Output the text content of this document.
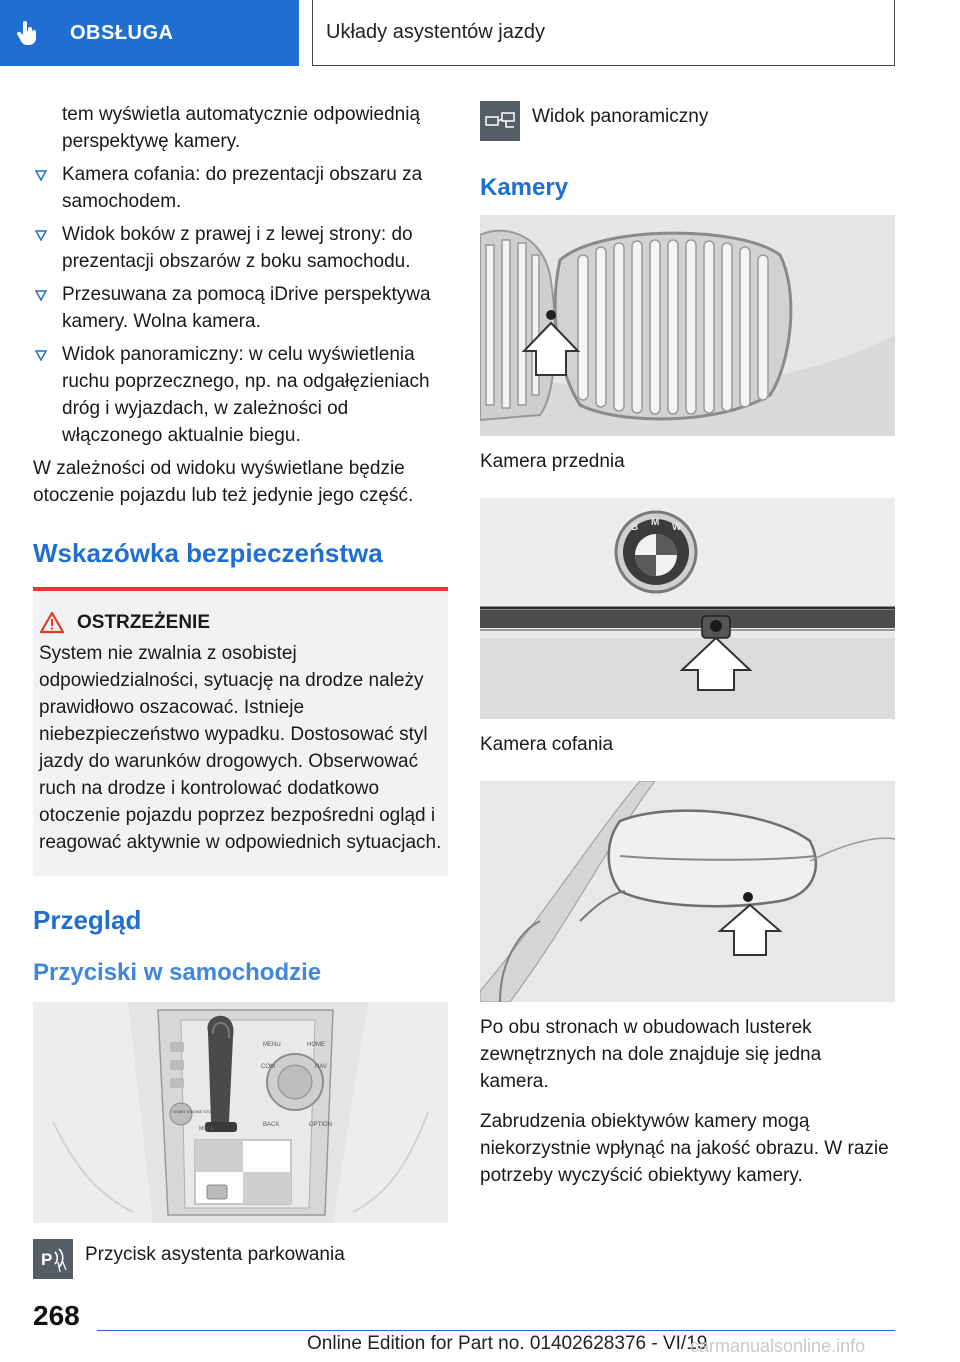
OBSŁUGA	Układy asystentów jazdy

tem wyświetla automatycznie odpowiednią perspektywę kamery.

Kamera cofania: do prezentacji obszaru za samochodem.
Widok boków z prawej i z lewej strony: do prezentacji obszarów z boku samochodu.
Przesuwana za pomocą iDrive perspektywa kamery. Wolna kamera.
Widok panoramiczny: w celu wyświetlenia ruchu poprzecznego, np. na odgałęzieniach dróg i wyjazdach, w zależności od włączonego aktualnie biegu.

W zależności od widoku wyświetlane będzie otoczenie pojazdu lub też jedynie jego część.

Wskazówka bezpieczeństwa
OSTRZEŻENIE

System nie zwalnia z osobistej odpowiedzialności, sytuację na drodze należy prawidłowo oszacować. Istnieje niebezpieczeństwo wypadku. Dostosować styl jazdy do warunków drogowych. Obserwować ruch na drodze i kontrolować dodatkowo otoczenie pojazdu poprzez bezpośredni ogląd i reagować aktywnie w odpowiednich sytuacjach.

Przegląd
Przyciski w samochodzie
MENU	HOME
COM	NAV
BACK	OPTION
START ENGINE STOP
MODE
P Przycisk asystenta parkowania
Widok panoramiczny
Kamery

Kamera przednia

B M W

Kamera cofania

Po obu stronach w obudowach lusterek zewnętrznych na dole znajduje się jedna kamera.

Zabrudzenia obiektywów kamery mogą niekorzystnie wpłynąć na jakość obrazu. W razie potrzeby wyczyścić obiektywy kamery.

268
Online Edition for Part no. 01402628376 - VI/19
carmanualsonline.info
